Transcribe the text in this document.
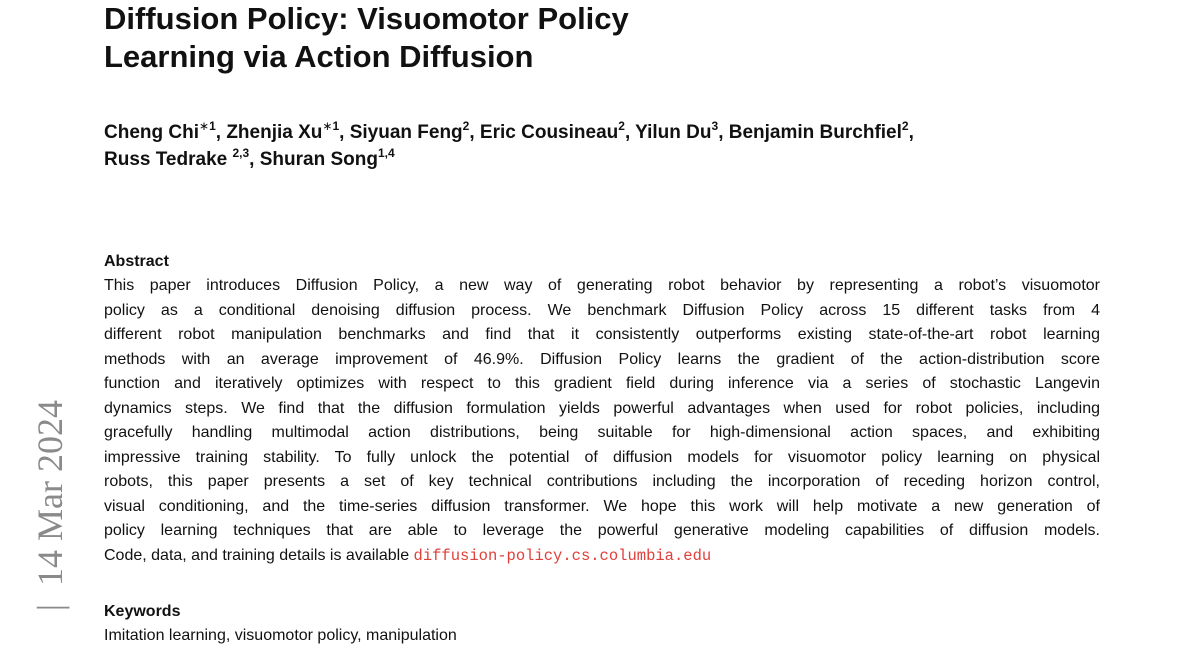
Diffusion Policy: Visuomotor Policy
Learning via Action Diffusion
Cheng Chi$^{∗1}$, Zhenjia $Xu^{∗1}$, Siyuan Feng$^2$, Eric Cousineau$^2$, Yilun Du$^3$, Benjamin Burchfiel$^2$,
Russ Tedrake $^{2,3}$, Shuran Song$^{1,4}$
Abstract
This paper introduces Diffusion Policy, a new way of generating robot behavior by representing a robot’s visuomotor
policy as a conditional denoising diffusion process. We benchmark Diffusion Policy across 15 different tasks from 4
different robot manipulation benchmarks and find that it consistently outperforms existing state-of-the-art robot learning
methods with an average improvement of 46.9%. Diffusion Policy learns the gradient of the action-distribution score
function and iteratively optimizes with respect to this gradient field during inference via a series of stochastic Langevin
dynamics steps. We find that the diffusion formulation yields powerful advantages when used for robot policies, including
gracefully handling multimodal action distributions, being suitable for high-dimensional action spaces, and exhibiting
impressive training stability. To fully unlock the potential of diffusion models for visuomotor policy learning on physical
robots, this paper presents a set of key technical contributions including the incorporation of receding horizon control,
visual conditioning, and the time-series diffusion transformer. We hope this work will help motivate a new generation of
policy learning techniques that are able to leverage the powerful generative modeling capabilities of diffusion models.
Code, data, and training details is available diffusion-policy.cs.columbia.edu
Keywords
Imitation learning, visuomotor policy, manipulation
|  14 Mar 2024
